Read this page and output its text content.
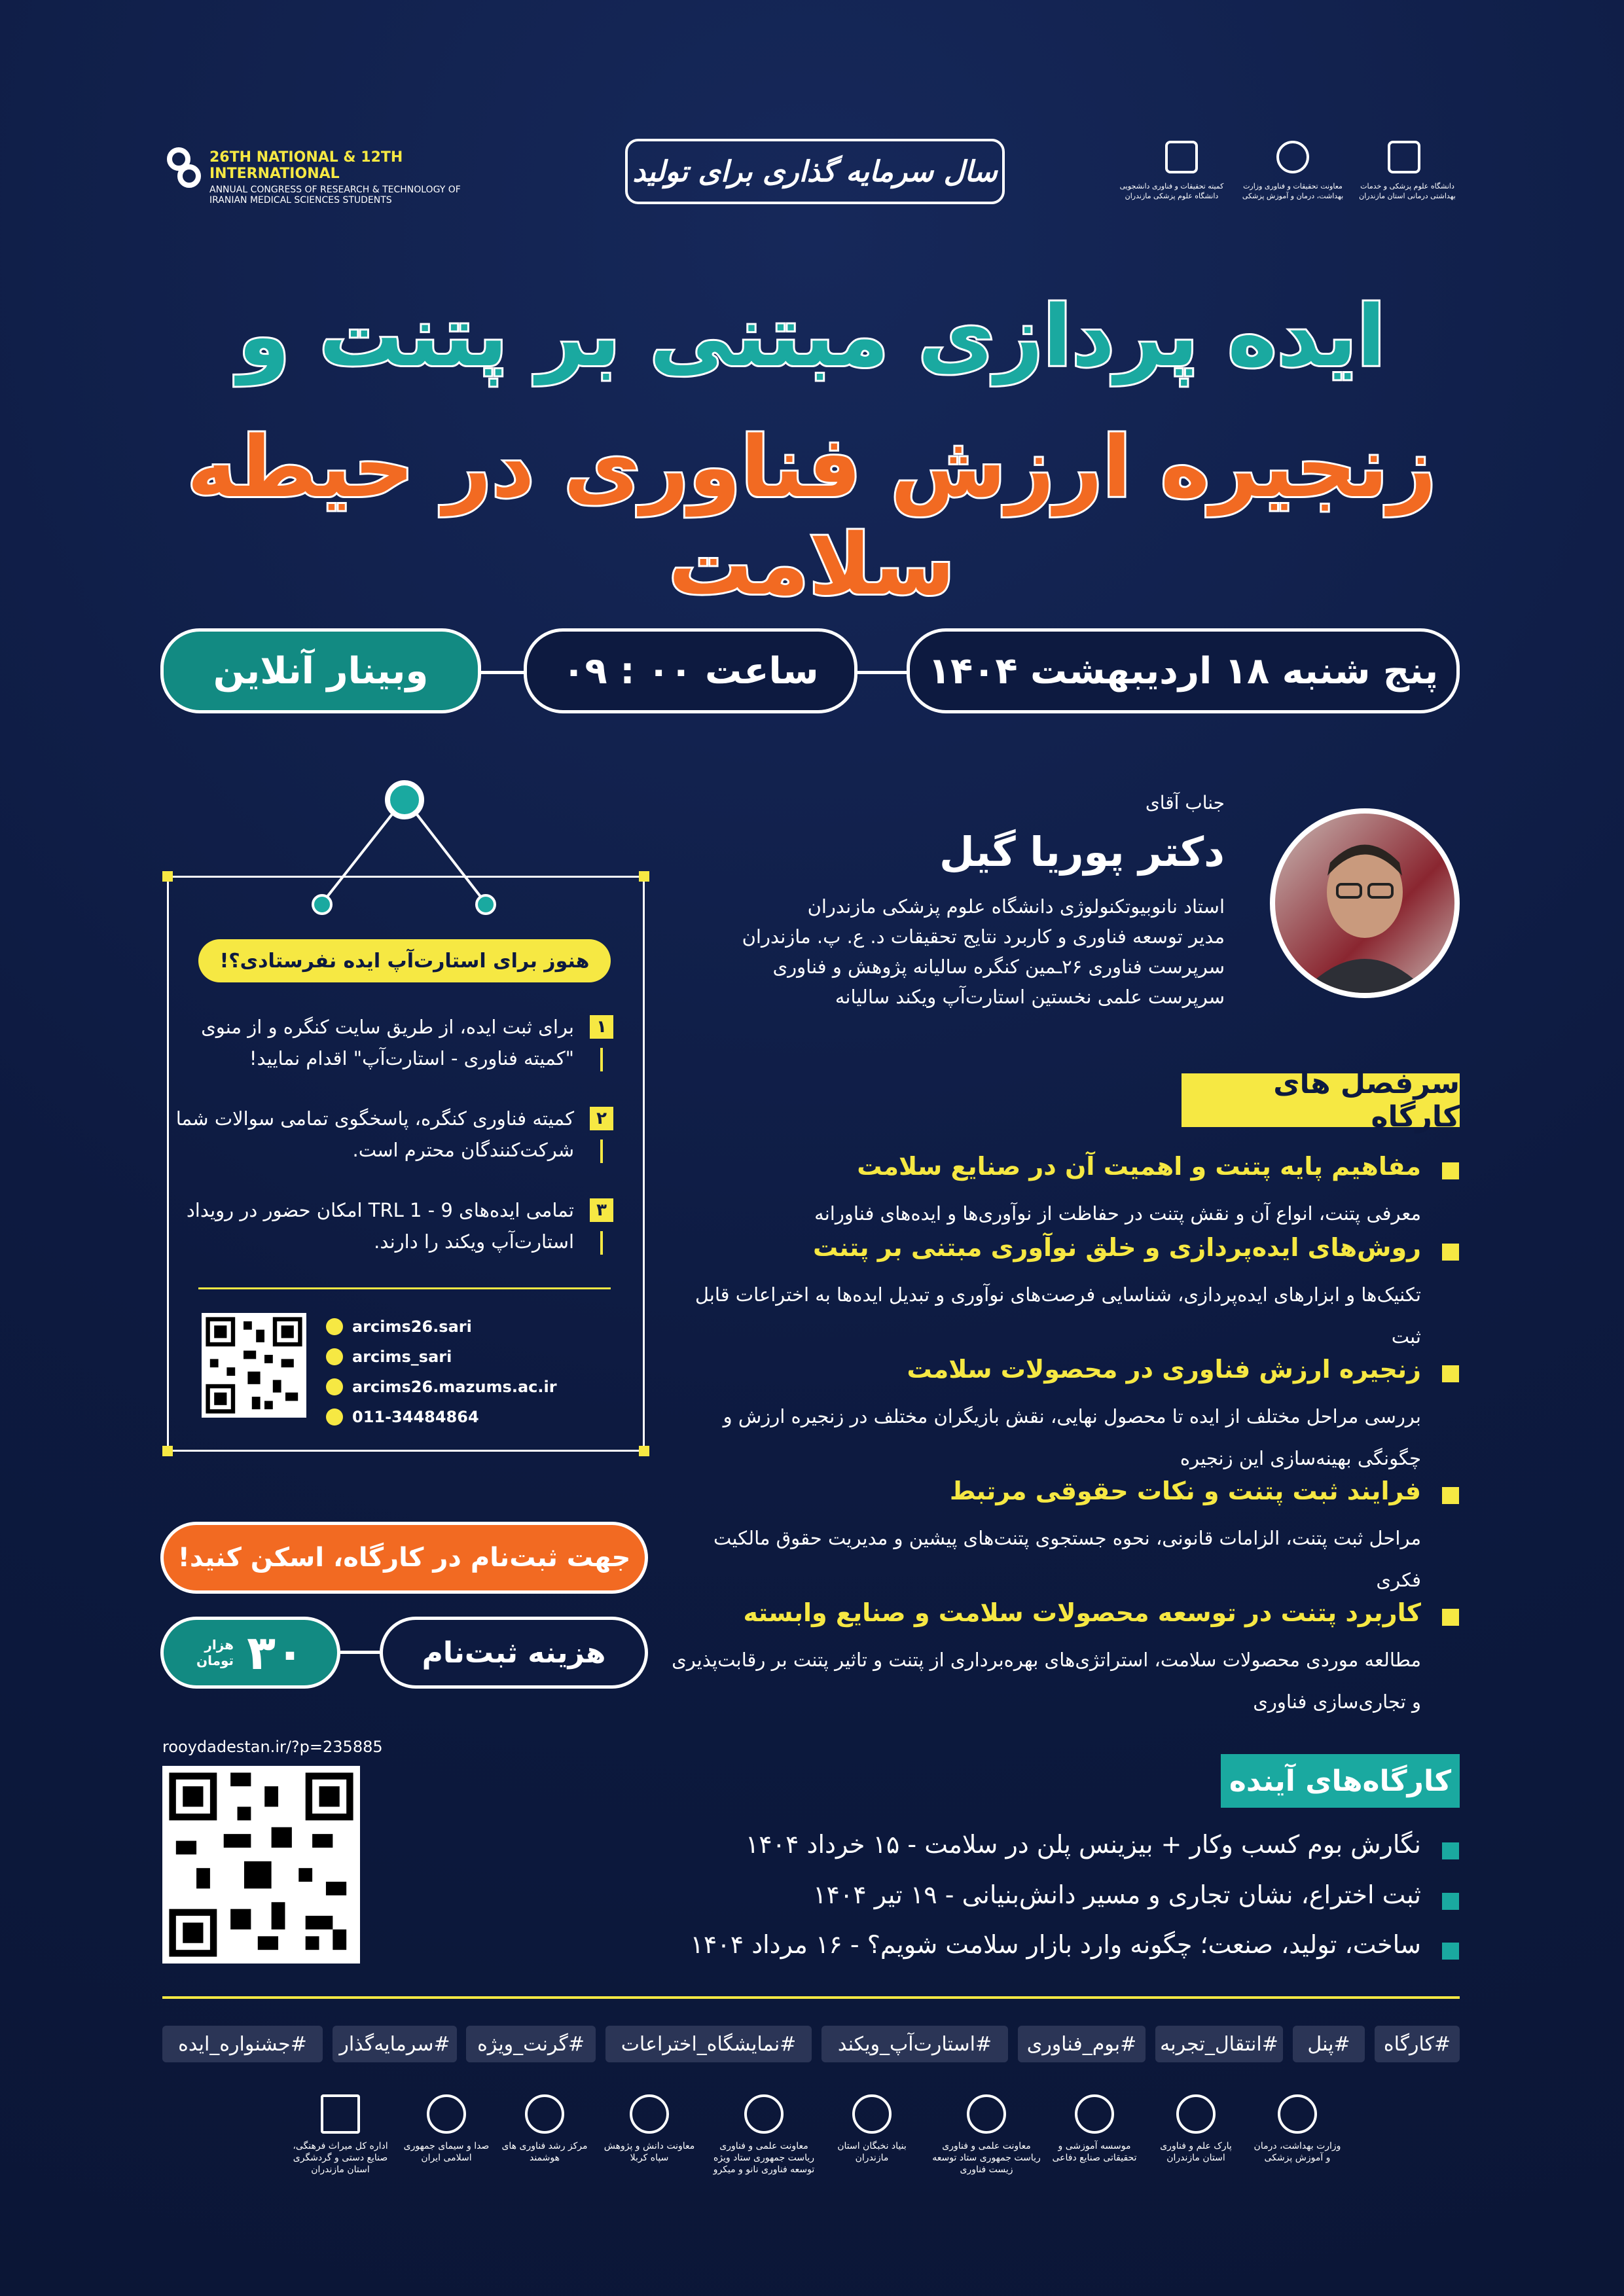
26TH NATIONAL & 12TH INTERNATIONAL
ANNUAL CONGRESS OF RESEARCH & TECHNOLOGY OF
IRANIAN MEDICAL SCIENCES STUDENTS
سال سرمایه گذاری برای تولید	کمیته تحقیقات و فناوری دانشجویی دانشگاه علوم پزشکی مازندران
معاونت تحقیقات و فناوری وزارت بهداشت، درمان و آموزش پزشکی
دانشگاه علوم پزشکی و خدمات بهداشتی درمانی استان مازندران
ایده پردازی مبتنی بر پتنت و
زنجیره ارزش فناوری در حیطه سلامت
پنج شنبه ۱۸ اردیبهشت ۱۴۰۴
ساعت ۰۰ : ۰۹
وبینار آنلاین
جناب آقای
دکتر پوریا گیل
استاد نانوبیوتکنولوژی دانشگاه علوم پزشکی مازندران
مدیر توسعه فناوری و کاربرد نتایج تحقیقات د. ع. پ. مازندران
سرپرست فناوری ۲۶ـمین کنگره سالیانه پژوهش و فناوری
سرپرست علمی نخستین استارت‌آپ ویکند سالیانه
سرفصل های کارگاه
مفاهیم پایه پتنت و اهمیت آن در صنایع سلامت
معرفی پتنت، انواع آن و نقش پتنت در حفاظت از نوآوری‌ها و ایده‌های فناورانه
روش‌های ایده‌پردازی و خلق نوآوری مبتنی بر پتنت
تکنیک‌ها و ابزارهای ایده‌پردازی، شناسایی فرصت‌های نوآوری و تبدیل ایده‌ها به اختراعات قابل ثبت
زنجیره ارزش فناوری در محصولات سلامت
بررسی مراحل مختلف از ایده تا محصول نهایی، نقش بازیگران مختلف در زنجیره ارزش و چگونگی بهینه‌سازی این زنجیره
فرایند ثبت پتنت و نکات حقوقی مرتبط
مراحل ثبت پتنت، الزامات قانونی، نحوه جستجوی پتنت‌های پیشین و مدیریت حقوق مالکیت فکری
کاربرد پتنت در توسعه محصولات سلامت و صنایع وابسته
مطالعه موردی محصولات سلامت، استراتژی‌های بهره‌برداری از پتنت و تاثیر پتنت بر رقابت‌پذیری و تجاری‌سازی فناوری
کارگاه‌های آینده
نگارش بوم کسب وکار + بیزینس پلن در سلامت - ۱۵ خرداد ۱۴۰۴
ثبت اختراع، نشان تجاری و مسیر دانش‌بنیانی - ۱۹ تیر ۱۴۰۴
ساخت، تولید، صنعت؛ چگونه وارد بازار سلامت شویم؟ - ۱۶ مرداد ۱۴۰۴
هنوز برای استارت‌آپ ایده نفرستادی؟!
۱
برای ثبت ایده، از طریق سایت کنگره و از منوی "کمیته فناوری - استارت‌آپ" اقدام نمایید!
۲
کمیته فناوری کنگره، پاسخگوی تمامی سوالات شما شرکت‌کنندگان محترم است.
۳
تمامی ایده‌های TRL 1 - 9 امکان حضور در رویداد استارت‌آپ ویکند را دارند.
arcims26.sari
arcims_sari
arcims26.mazums.ac.ir
011-34484864
جهت ثبت‌نام در کارگاه، اسکن کنید!
۳۰
هزار
تومان	هزینه ثبت‌نام
rooydadestan.ir/?p=235885
#کارگاه
#پنل
#انتقال_تجربه
#بوم_فناوری
#استارت‌آپ_ویکند
#نمایشگاه_اختراعات
#گرنت_ویژه
#سرمایه‌گذار
#جشنواره_ایده
وزارت بهداشت، درمان و آموزش پزشکی
پارک علم و فناوری استان مازندران
موسسه آموزشی و تحقیقاتی صنایع دفاعی
معاونت علمی و فناوری ریاست جمهوری ستاد توسعه زیست فناوری
بنیاد نخبگان استان مازندران
معاونت علمی و فناوری ریاست جمهوری ستاد ویژه توسعه فناوری نانو و میکرو
معاونت دانش و پژوهش سپاه کربلا
مرکز رشد فناوری های هوشمند
صدا و سیمای جمهوری اسلامی ایران
اداره کل میراث فرهنگی، صنایع دستی و گردشگری استان مازندران
